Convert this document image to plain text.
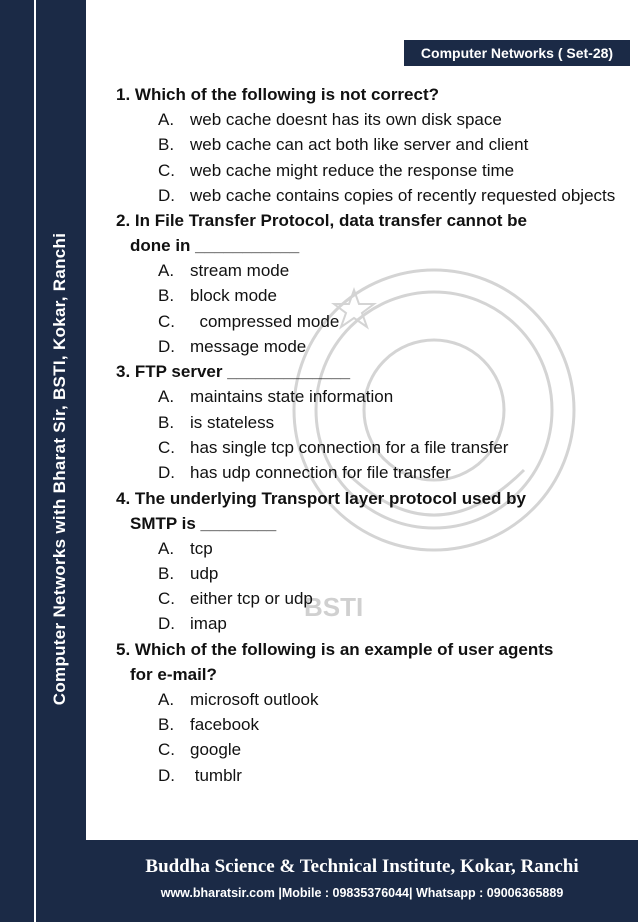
Computer Networks with Bharat Sir, BSTI, Kokar, Ranchi
Computer Networks ( Set-28)
BSTI
1. Which of the following is not correct?
A. web cache doesnt has its own disk space
B. web cache can act both like server and client
C. web cache might reduce the response time
D. web cache contains copies of recently requested objects
2. In File Transfer Protocol, data transfer cannot be
done in ___________
A. stream mode
B. block mode
C. compressed mode
D. message mode
3. FTP server _____________
A. maintains state information
B. is stateless
C. has single tcp connection for a file transfer
D. has udp connection for file transfer
4. The underlying Transport layer protocol used by
SMTP is ________
A. tcp
B. udp
C. either tcp or udp
D. imap
5. Which of the following is an example of user agents
for e-mail?
A. microsoft outlook
B. facebook
C. google
D. tumblr
Buddha Science & Technical Institute, Kokar, Ranchi
www.bharatsir.com |Mobile : 09835376044| Whatsapp : 09006365889
